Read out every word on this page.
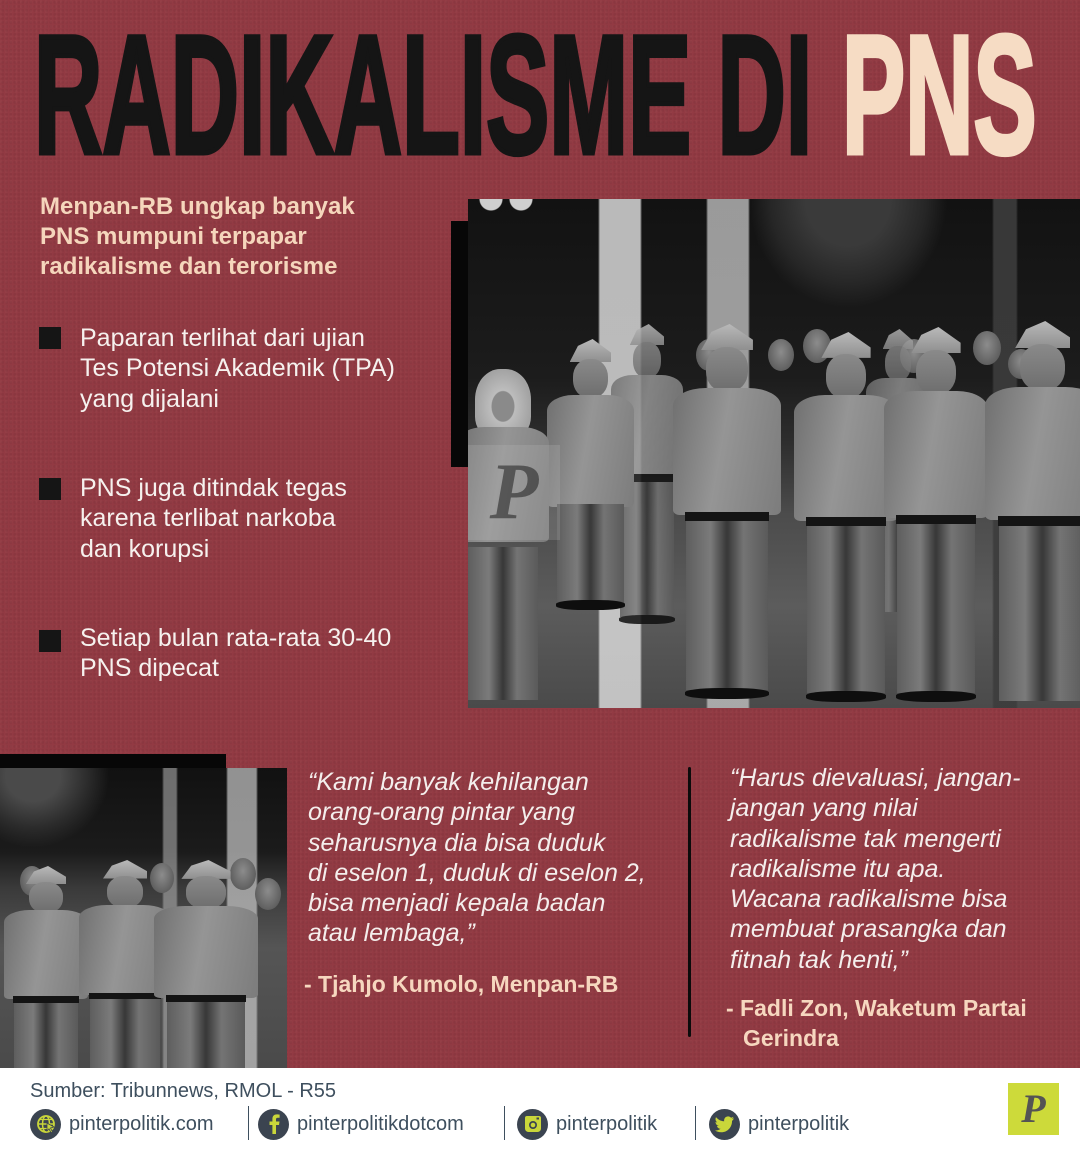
RADIKALISME DI PNS
Menpan-RB ungkap banyak
PNS mumpuni terpapar
radikalisme dan terorisme
Paparan terlihat dari ujian
Tes Potensi Akademik (TPA)
yang dijalani
PNS juga ditindak tegas
karena terlibat narkoba
dan korupsi
Setiap bulan rata-rata 30-40
PNS dipecat
P
“Kami banyak kehilangan
orang-orang pintar yang
seharusnya dia bisa duduk
di eselon 1, duduk di eselon 2,
bisa menjadi kepala badan
atau lembaga,”
- Tjahjo Kumolo, Menpan-RB
“Harus dievaluasi, jangan-
jangan yang nilai
radikalisme tak mengerti
radikalisme itu apa.
Wacana radikalisme bisa
membuat prasangka dan
fitnah tak henti,”
- Fadli Zon, Waketum Partai
Gerindra
Sumber: Tribunnews, RMOL - R55
pinterpolitik.com	pinterpolitikdotcom	pinterpolitik	pinterpolitik	P
